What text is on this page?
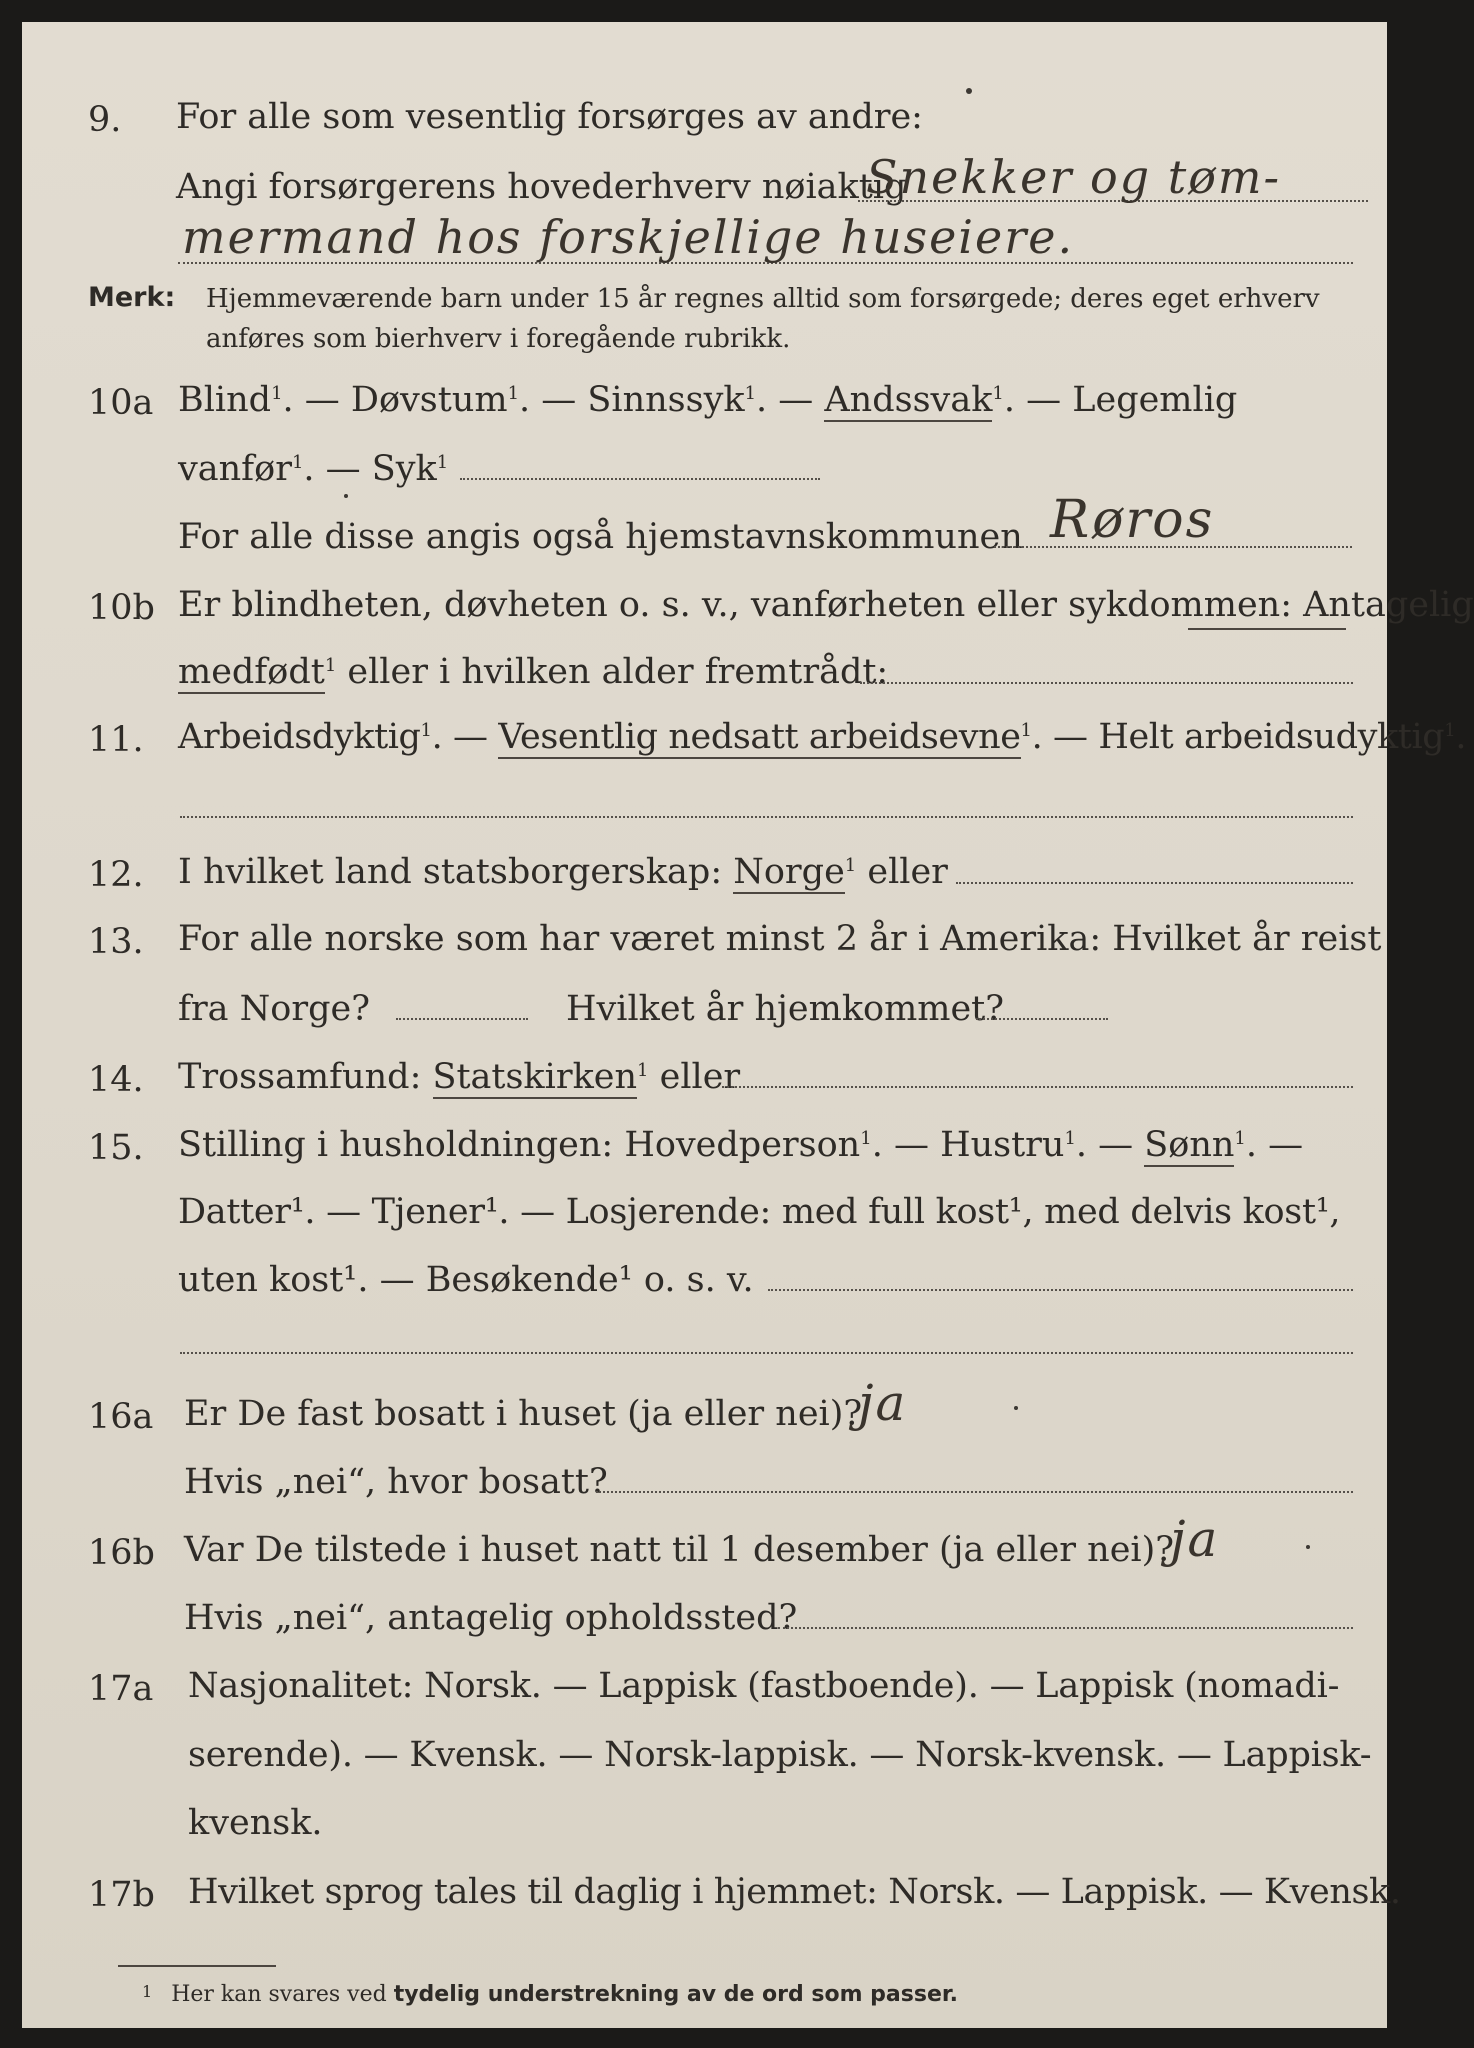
9. For alle som vesentlig forsørges av andre:
Angi forsørgerens hovederhverv nøiaktig
Snekker og tøm-
mermand hos forskjellige huseiere.
Merk: Hjemmeværende barn under 15 år regnes alltid som forsørgede; deres eget erhverv
anføres som bierhverv i foregående rubrikk.
10a Blind$^1$. — Døvstum$^1$. — Sinnssyk$^1$. — Andssvak$^1$. — Legemlig
vanfør$^1$. — Syk$^1$
For alle disse angis også hjemstavnskommunen Røros
10b Er blindheten, døvheten o. s. v., vanførheten eller sykdommen: Antagelig
medfødt$^1$ eller i hvilken alder fremtrådt:
11. Arbeidsdyktig$^1$. — Vesentlig nedsatt arbeidsevne$^1$. — Helt arbeidsudyktig$^1$.
12. I hvilket land statsborgerskap: Norge$^1$ eller
13. For alle norske som har været minst 2 år i Amerika: Hvilket år reist
fra Norge?	Hvilket år hjemkommet?
14. Trossamfund: Statskirken$^1$ eller
15. Stilling i husholdningen: Hovedperson$^1$. — Hustru$^1$. — Sønn$^1$. —
Datter¹. — Tjener¹. — Losjerende: med full kost¹, med delvis kost¹,
uten kost¹. — Besøkende¹ o. s. v.
16a Er De fast bosatt i huset (ja eller nei)?
ja
Hvis „nei“, hvor bosatt?
16b Var De tilstede i huset natt til 1 desember (ja eller nei)?
ja
Hvis „nei“, antagelig opholdssted?
17a Nasjonalitet: Norsk. — Lappisk (fastboende). — Lappisk (nomadi-
serende). — Kvensk. — Norsk-lappisk. — Norsk-kvensk. — Lappisk-
kvensk.
17b Hvilket sprog tales til daglig i hjemmet: Norsk. — Lappisk. — Kvensk.
1 Her kan svares ved tydelig understrekning av de ord som passer.
